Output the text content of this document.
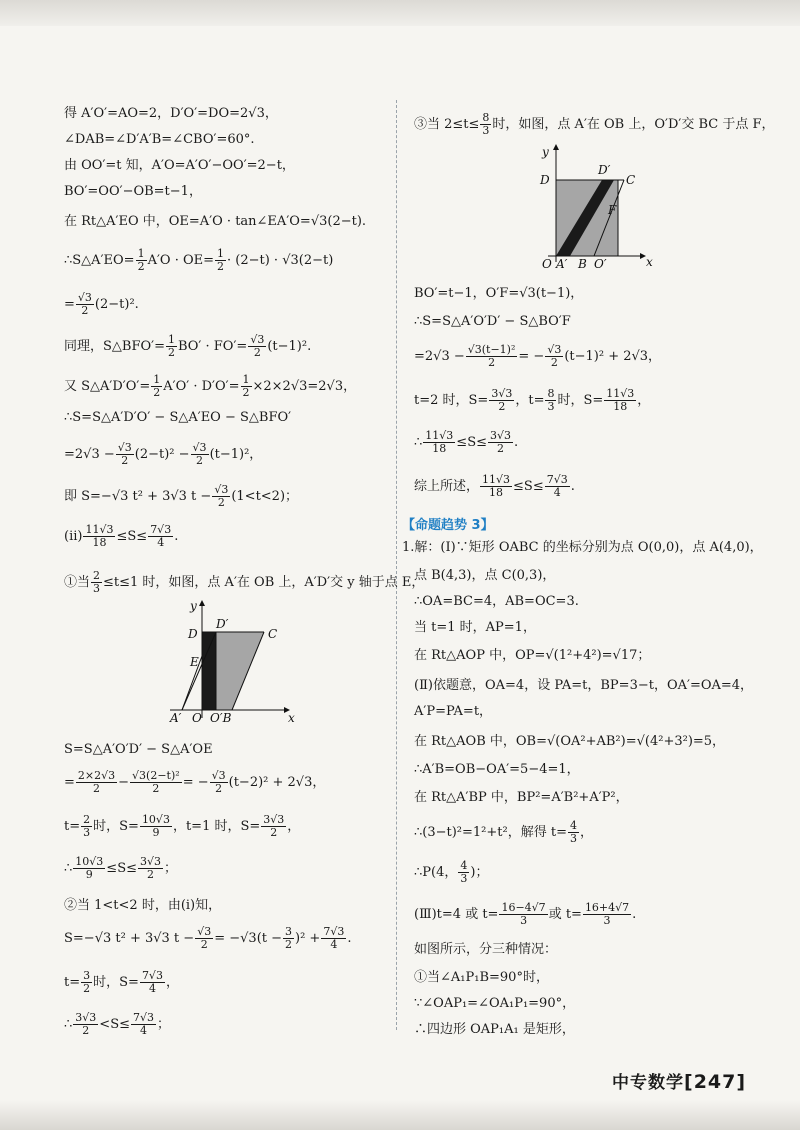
得 A′O′=AO=2，D′O′=DO=2√3，
∠DAB=∠D′A′B=∠CBO′=60°.
由 OO′=t 知，A′O=A′O′−OO′=2−t，
BO′=OO′−OB=t−1，
在 Rt△A′EO 中，OE=A′O · tan∠EA′O=√3(2−t).
∴S△A′EO= $\frac{1}{2} A'O \cdot OE= \frac{1}{2} \cdot (2-t) \cdot √3(2-t)$
= $\frac{√3}{2} (2-t)^2$.
同理，S△BFO′= $\frac{1}{2} BO' \cdot FO'= \frac{√3}{2} (t-1)^2$.
又 S△A′D′O′= $\frac{1}{2} A'O' \cdot D'O'= \frac{1}{2} \times 2\times 2√3=2√3$，
∴S=S△A′D′O′ − S△A′EO − S△BFO′
$=2√3 - \frac{√3}{2} (2-t)^2 - \frac{√3}{2} (t-1)^2$，
即 S=−√3 t² + 3√3 $t - \frac{√3}{2} (1<t<2)$；
(ⅱ) $\frac{11√3}{18} \le S\le \frac{7√3}{4}$ .
①当 $\frac{2}{3} \le t\le 1$ 时，如图，点 A′在 OB 上，A′D′交 y 轴于点 E，
y
x
D
D′
C
E
A′ O O′B
S=S△A′O′D′ − S△A′OE
= $\frac{2\times 2√3}{2} - \frac{\text{√3(2−t)²}}{2}$ = − $\frac{√3}{2} (t-2)^2 + 2√3$，
$t= \frac{2}{3}$ 时，$S= \frac{10√3}{9}$ ，t=1 时，$S= \frac{3√3}{2}$ ，
∴ $\frac{10√3}{9} \le S\le \frac{3√3}{2}$ ；
②当 1<t<2 时，由(ⅰ)知，
S=−√3 t² + 3√3 $t - \frac{√3}{2} = -√3(t - \frac{3}{2} )^2 + \frac{7√3}{4}$ .
$t= \frac{3}{2}$ 时，$S= \frac{7√3}{4}$ ，
∴ $\frac{3√3}{2} <S\le \frac{7√3}{4}$ ；
③当 $2\le t\le \frac{8}{3}$ 时，如图，点 A′在 OB 上，O′D′交 BC 于点 F，
y
x
D
D′
C
F
O A′ B O′
BO′=t−1，O′F=√3(t−1)，
∴S=S△A′O′D′ − S△BO′F
$=2√3 - \frac{\text{√3(t−1)²}}{2}$ = − $\frac{√3}{2} (t-1)^2 + 2√3$，
t=2 时，$S= \frac{3√3}{2}$ ，$t= \frac{8}{3}$ 时，$S= \frac{11√3}{18}$ ，
∴ $\frac{11√3}{18} \le S\le \frac{3√3}{2}$ .
综上所述， $\frac{11√3}{18} \le S\le \frac{7√3}{4}$ .
【命题趋势 3】
1.解：(Ⅰ)∵矩形 OABC 的坐标分别为点 O(0,0)，点 A(4,0)，
点 B(4,3)，点 C(0,3)，
∴OA=BC=4，AB=OC=3.
当 t=1 时，AP=1，
在 Rt△AOP 中，OP=√(1²+4²)=√17；
(Ⅱ)依题意，OA=4，设 PA=t，BP=3−t，OA′=OA=4，
A′P=PA=t，
在 Rt△AOB 中，OB=√(OA²+AB²)=√(4²+3²)=5，
∴A′B=OB−OA′=5−4=1，
在 Rt△A′BP 中，BP²=A′B²+A′P²，
∴(3−t)²=1²+t²，解得 $t= \frac{4}{3}$ ，
∴P(4， $\frac{4}{3}$ )；
(Ⅲ)t=4 或 $t= \frac{16-4√7}{3}$ 或 $t= \frac{16+4√7}{3}$ .
如图所示，分三种情况：
①当∠A₁P₁B=90°时，
∵∠OAP₁=∠OA₁P₁=90°，
∴四边形 OAP₁A₁ 是矩形，
中专数学[247]
